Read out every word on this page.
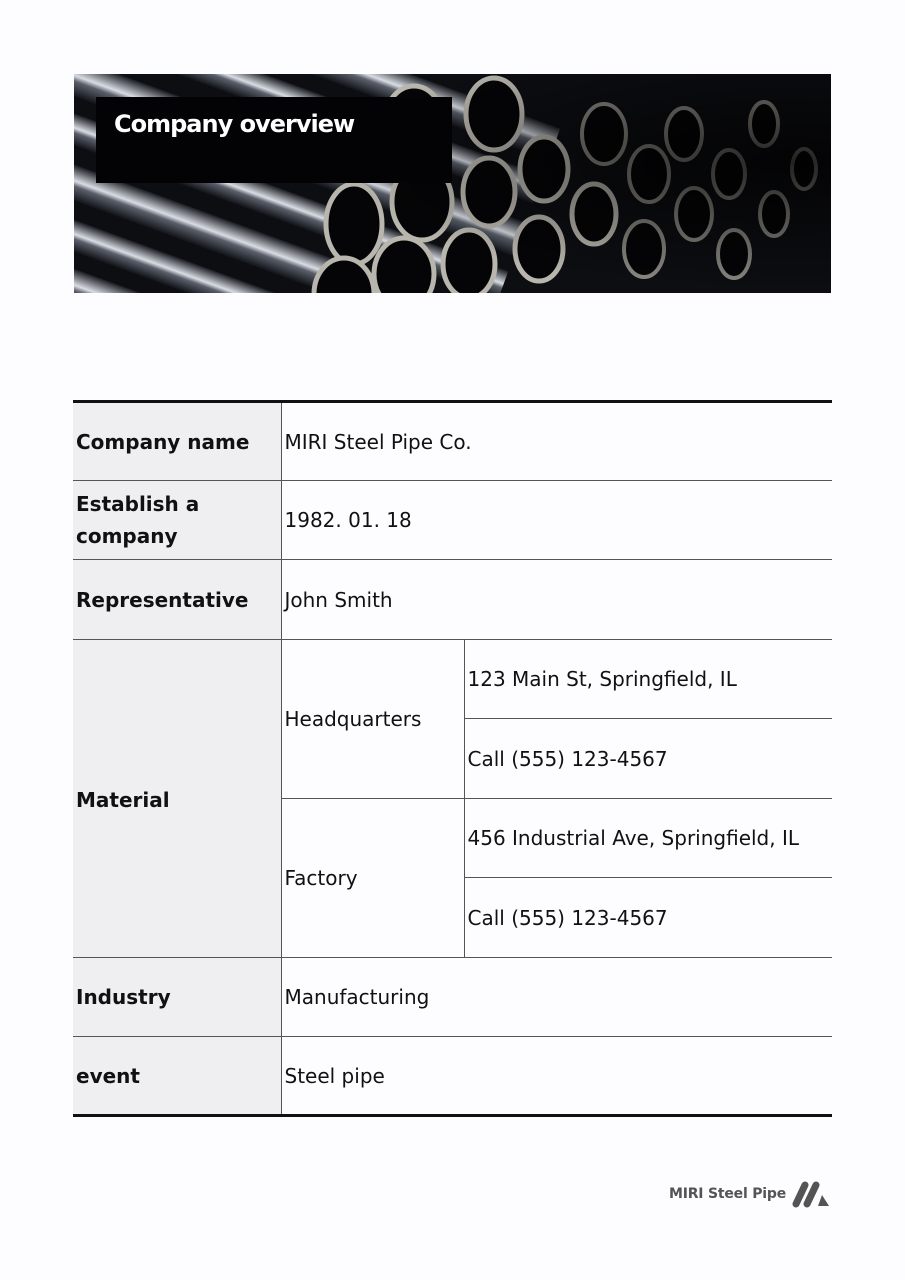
Company overview
Company name	MIRI Steel Pipe Co.	
Establish a company	1982. 01. 18	
Representative	John Smith	
Material	Headquarters	123 Main St, Springfield, IL
		Call (555) 123-4567
	Factory	456 Industrial Ave, Springfield, IL
		Call (555) 123-4567
Industry	Manufacturing	
event	Steel pipe	
MIRI Steel Pipe
